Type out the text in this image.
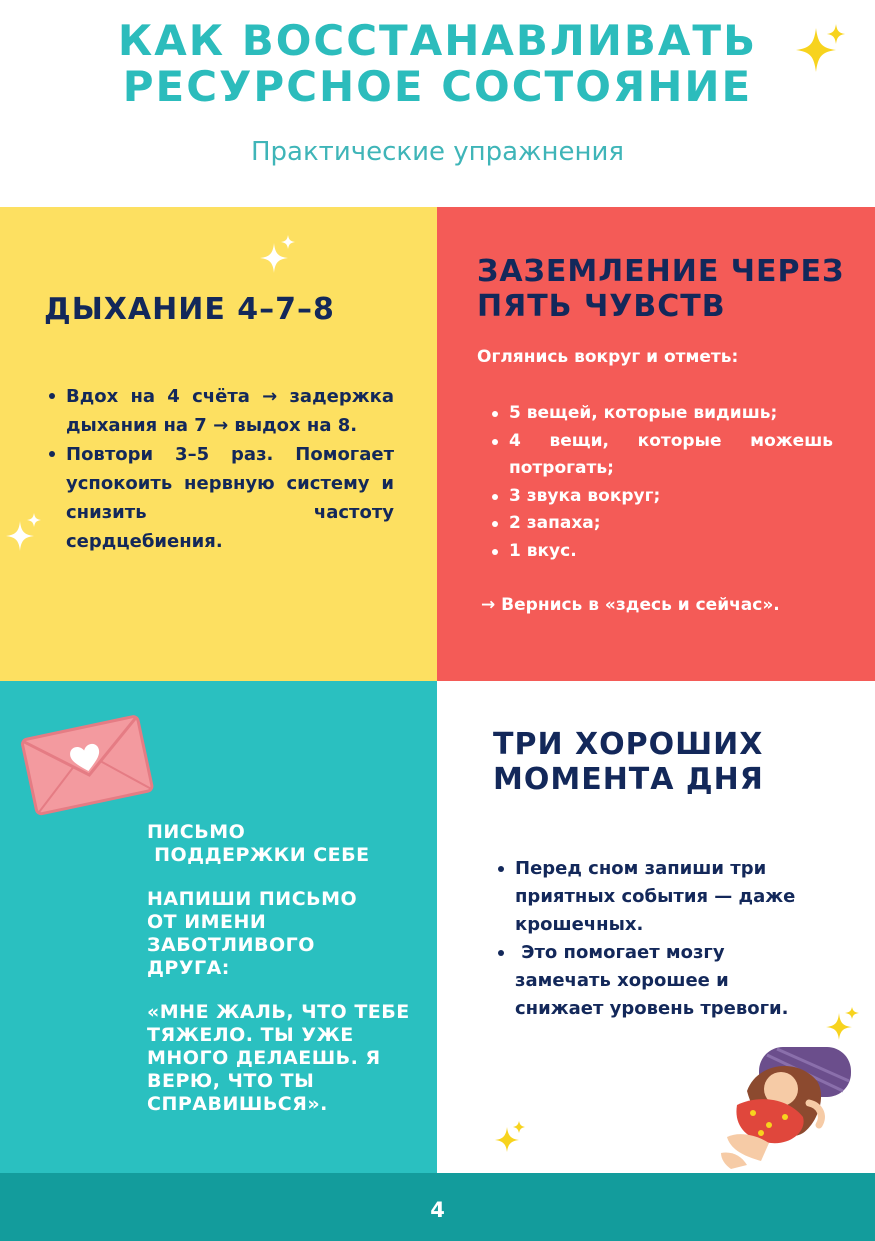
КАК ВОССТАНАВЛИВАТЬ
РЕСУРСНОЕ СОСТОЯНИЕ

Практические упражнения

ДЫХАНИЕ 4–7–8
Вдох на 4 счёта → задержка дыхания на 7 → выдох на 8.
Повтори 3–5 раз. Помогает успокоить нервную систему и снизить частоту сердцебиения.
ЗАЗЕМЛЕНИЕ ЧЕРЕЗ
ПЯТЬ ЧУВСТВ

Оглянись вокруг и отметь:

5 вещей, которые видишь;
4 вещи, которые можешь потрогать;
3 звука вокруг;
2 запаха;
1 вкус.

→ Вернись в «здесь и сейчас».

ПИСЬМО
ПОДДЕРЖКИ СЕБЕ

НАПИШИ ПИСЬМО
ОТ ИМЕНИ
ЗАБОТЛИВОГО
ДРУГА:

«МНЕ ЖАЛЬ, ЧТО ТЕБЕ
ТЯЖЕЛО. ТЫ УЖЕ
МНОГО ДЕЛАЕШЬ. Я
ВЕРЮ, ЧТО ТЫ
СПРАВИШЬСЯ».

ТРИ ХОРОШИХ
МОМЕНТА ДНЯ
Перед сном запиши три приятных события — даже крошечных.
Это помогает мозгу замечать хорошее и снижает уровень тревоги.
4
